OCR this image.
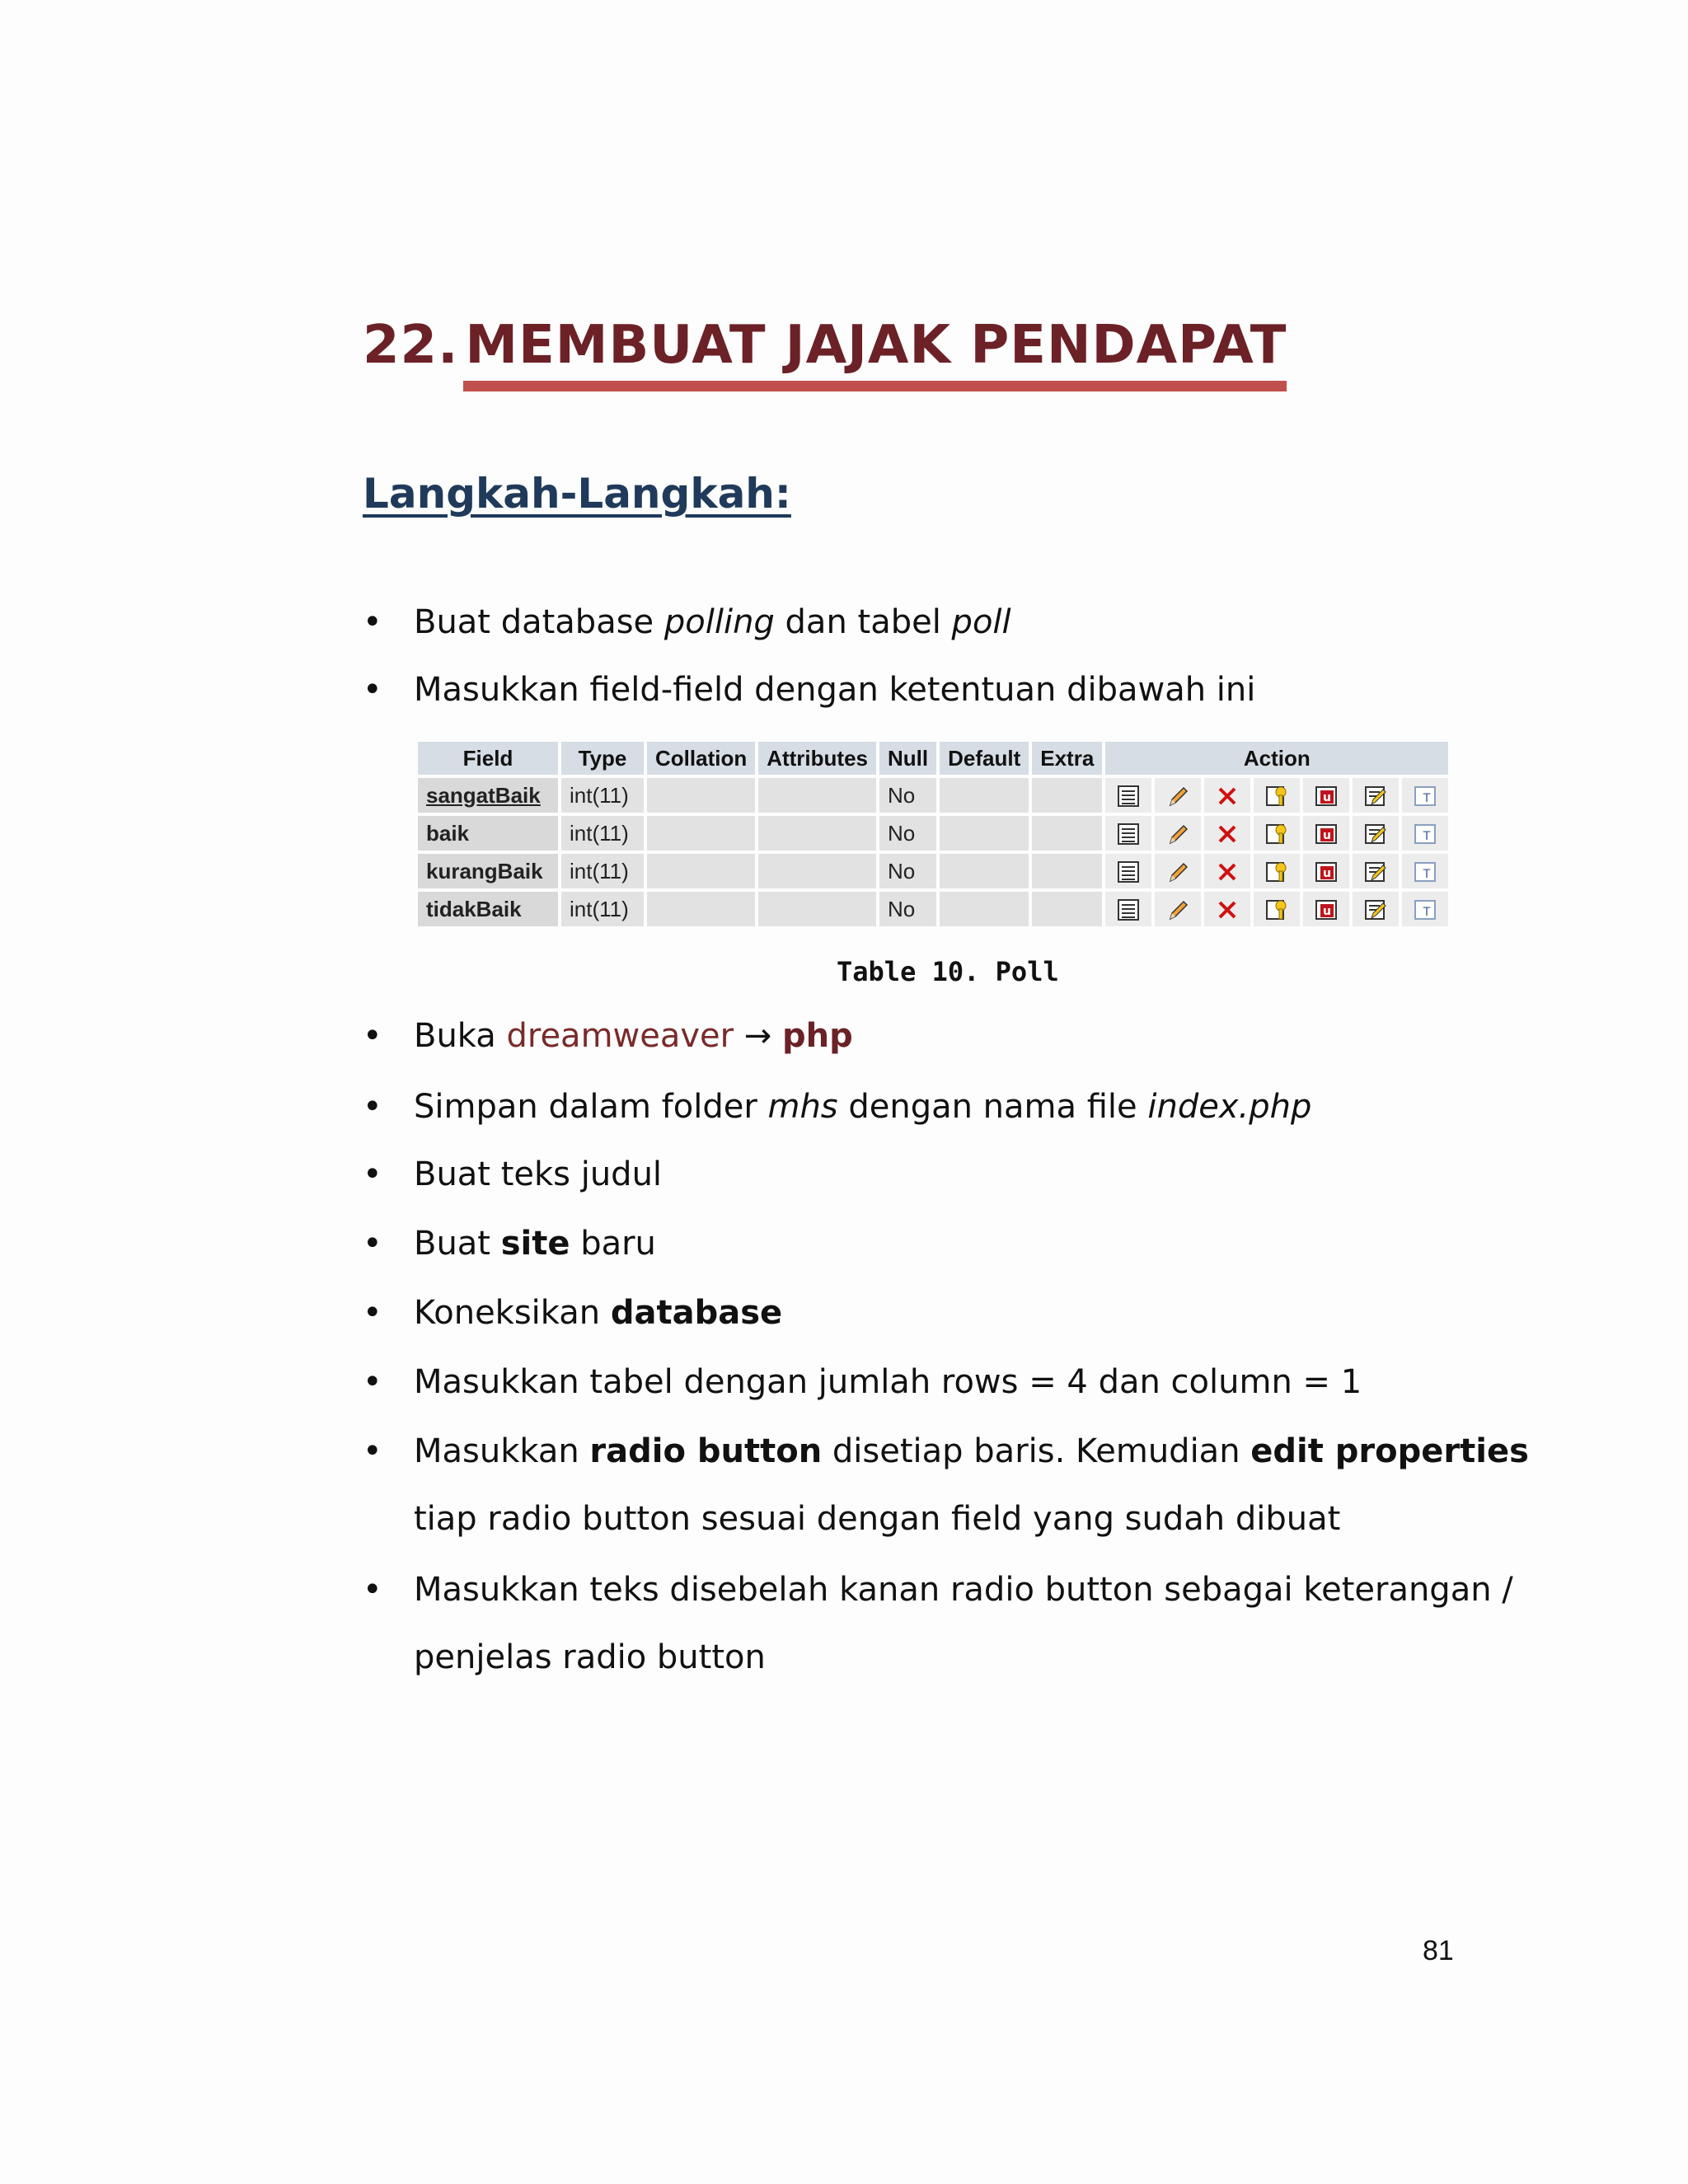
22. MEMBUAT JAJAK PENDAPAT
Langkah-Langkah:
• Buat database polling dan tabel poll
• Masukkan field-field dengan ketentuan dibawah ini
Field	Type	Collation	Attributes	Null	Default	Extra	Action						
sangatBaik	int(11)			No							u		T

baik	int(11)			No							u		T

kurangBaik	int(11)			No							u		T

tidakBaik	int(11)			No							u		T
Table 10. Poll
• Buka dreamweaver → php
• Simpan dalam folder mhs dengan nama file index.php
• Buat teks judul
• Buat site baru
• Koneksikan database
• Masukkan tabel dengan jumlah rows = 4 dan column = 1
• Masukkan radio button disetiap baris. Kemudian edit properties
tiap radio button sesuai dengan field yang sudah dibuat
• Masukkan teks disebelah kanan radio button sebagai keterangan /
penjelas radio button
81
